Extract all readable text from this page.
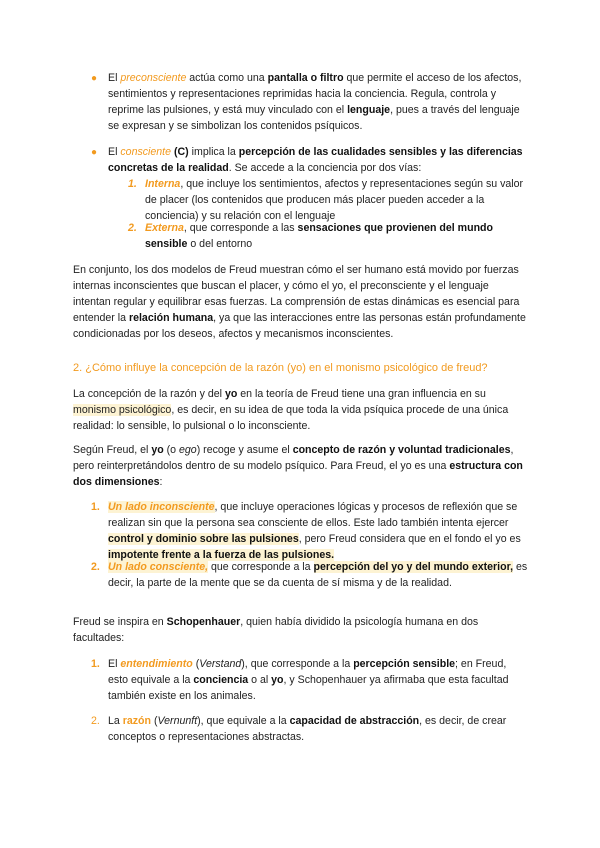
● El preconsciente actúa como una pantalla o filtro que permite el acceso de los afectos, sentimientos y representaciones reprimidas hacia la conciencia. Regula, controla y reprime las pulsiones, y está muy vinculado con el lenguaje, pues a través del lenguaje se expresan y se simbolizan los contenidos psíquicos.

● El consciente (C) implica la percepción de las cualidades sensibles y las diferencias concretas de la realidad. Se accede a la conciencia por dos vías:

1. Interna, que incluye los sentimientos, afectos y representaciones según su valor de placer (los contenidos que producen más placer pueden acceder a la conciencia) y su relación con el lenguaje

2. Externa, que corresponde a las sensaciones que provienen del mundo sensible o del entorno

En conjunto, los dos modelos de Freud muestran cómo el ser humano está movido por fuerzas internas inconscientes que buscan el placer, y cómo el yo, el preconsciente y el lenguaje intentan regular y equilibrar esas fuerzas. La comprensión de estas dinámicas es esencial para entender la relación humana, ya que las interacciones entre las personas están profundamente condicionadas por los deseos, afectos y mecanismos inconscientes.

2. ¿Cómo influye la concepción de la razón (yo) en el monismo psicológico de freud?

La concepción de la razón y del yo en la teoría de Freud tiene una gran influencia en su monismo psicológico, es decir, en su idea de que toda la vida psíquica procede de una única realidad: lo sensible, lo pulsional o lo inconsciente.

Según Freud, el yo (o ego) recoge y asume el concepto de razón y voluntad tradicionales, pero reinterpretándolos dentro de su modelo psíquico. Para Freud, el yo es una estructura con dos dimensiones:

1. Un lado inconsciente, que incluye operaciones lógicas y procesos de reflexión que se realizan sin que la persona sea consciente de ellos. Este lado también intenta ejercer control y dominio sobre las pulsiones, pero Freud considera que en el fondo el yo es impotente frente a la fuerza de las pulsiones.

2. Un lado consciente, que corresponde a la percepción del yo y del mundo exterior, es decir, la parte de la mente que se da cuenta de sí misma y de la realidad.

Freud se inspira en Schopenhauer, quien había dividido la psicología humana en dos facultades:

1. El entendimiento (Verstand), que corresponde a la percepción sensible; en Freud, esto equivale a la conciencia o al yo, y Schopenhauer ya afirmaba que esta facultad también existe en los animales.

2. La razón (Vernunft), que equivale a la capacidad de abstracción, es decir, de crear conceptos o representaciones abstractas.
